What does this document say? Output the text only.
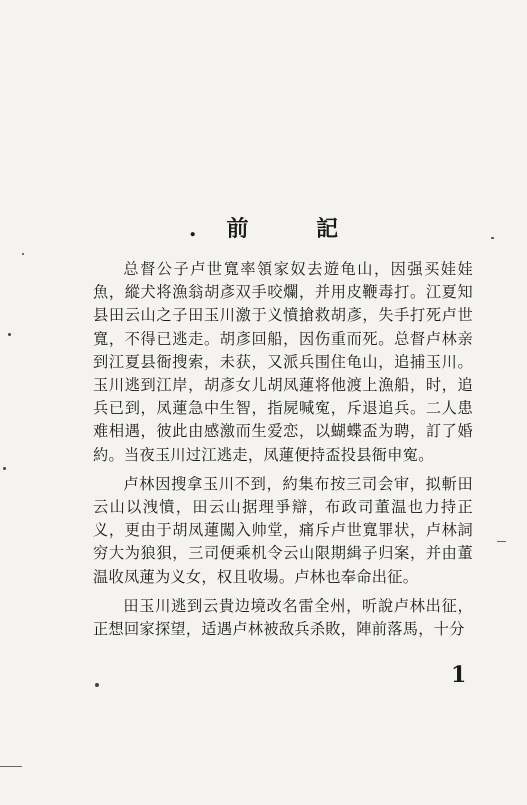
.前 記

总督公子卢世寬率領家奴去遊龟山，因强买娃娃魚，縱犬将漁翁胡彥双手咬爛，并用皮鞭毒打。江夏知县田云山之子田玉川激于义憤搶救胡彥，失手打死卢世寬，不得已逃走。胡彥回船，因伤重而死。总督卢林亲到江夏县衙搜索，未获，又派兵围住龟山，追捕玉川。玉川逃到江岸，胡彥女儿胡凤蓮将他渡上漁船，时，追兵已到，凤蓮急中生智，指屍喊寃，斥退追兵。二人患难相遇，彼此由感激而生爱恋，以蝴蝶盃为聘，訂了婚約。当夜玉川过江逃走，凤蓮便持盃投县衙申寃。

卢林因搜拿玉川不到，約集布按三司会审，拟斬田云山以洩憤，田云山据理爭辯，布政司董温也力持正义，更由于胡凤蓮闖入帅堂，痛斥卢世寬罪状，卢林詞穷大为狼狽，三司便乘机令云山限期緝子归案，并由董温收凤蓮为义女，权且收場。卢林也奉命出征。

田玉川逃到云貴边境改名雷全州，听說卢林出征，正想回家探望，适遇卢林被敌兵杀敗，陣前落馬，十分

1
